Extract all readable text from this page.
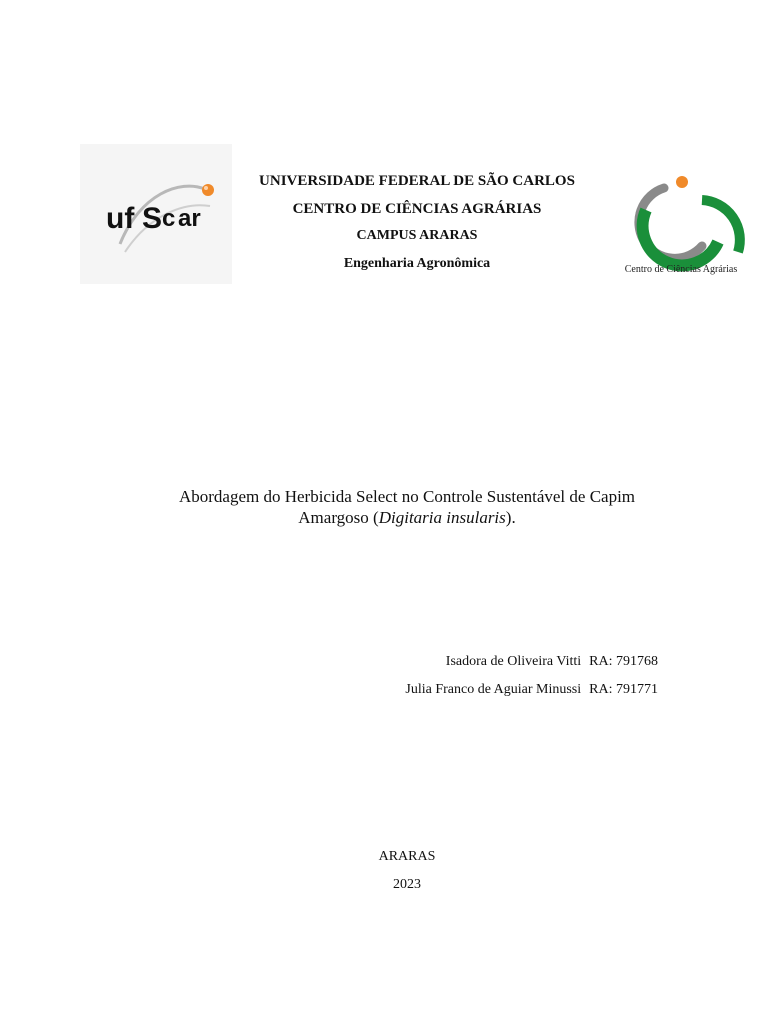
uf S c ar
UNIVERSIDADE FEDERAL DE SÃO CARLOS
CENTRO DE CIÊNCIAS AGRÁRIAS
CAMPUS ARARAS
Engenharia Agronômica	Centro de Ciências Agrárias
Abordagem do Herbicida Select no Controle Sustentável de Capim
Amargoso (Digitaria insularis).
Isadora de Oliveira Vitti RA: 791768
Julia Franco de Aguiar Minussi RA: 791771
ARARAS
2023
